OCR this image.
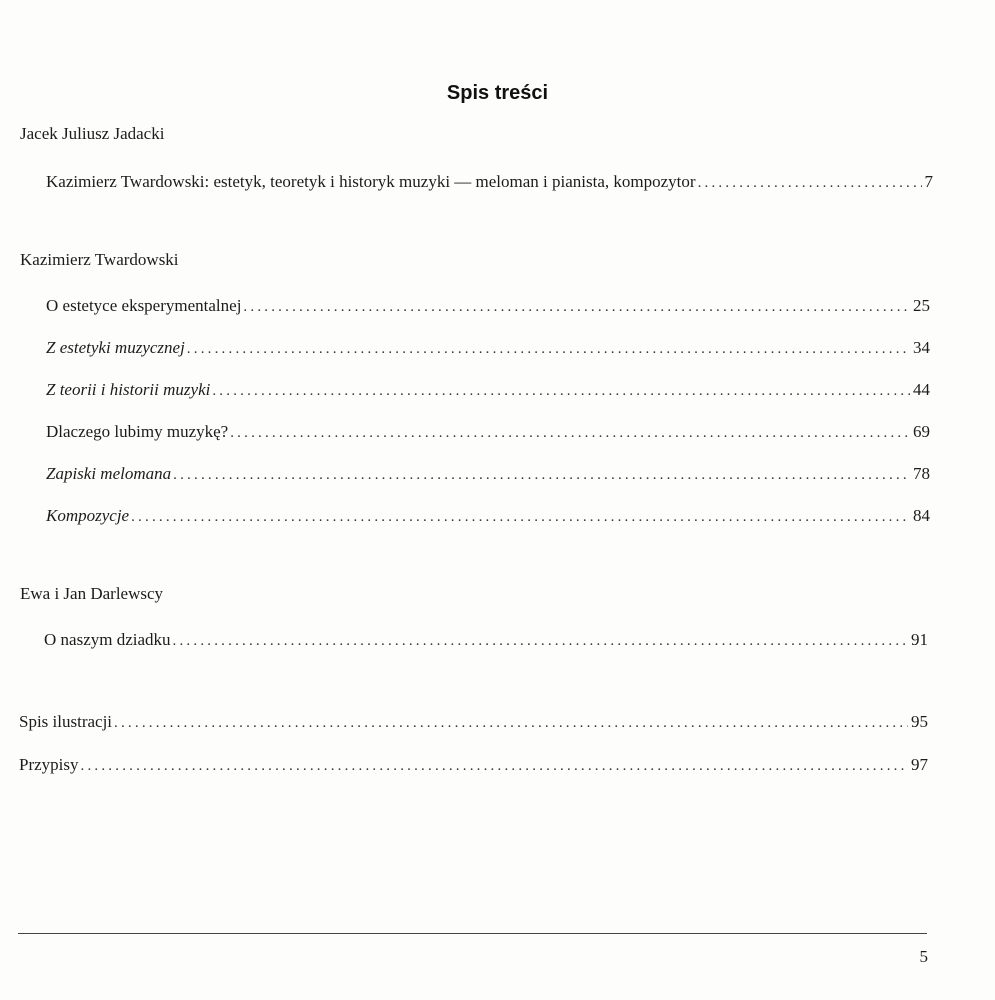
Spis treści
Jacek Juliusz Jadacki
Kazimierz Twardowski: estetyk, teoretyk i historyk muzyki — meloman i pianista, kompozytor .....	7
Kazimierz Twardowski
O estetyce eksperymentalnej .....	25
Z estetyki muzycznej .....	34
Z teorii i historii muzyki .....	44
Dlaczego lubimy muzykę? .....	69
Zapiski melomana .....	78
Kompozycje .....	84
Ewa i Jan Darlewscy
O naszym dziadku .....	91
Spis ilustracji .....	95
Przypisy .....	97
5
